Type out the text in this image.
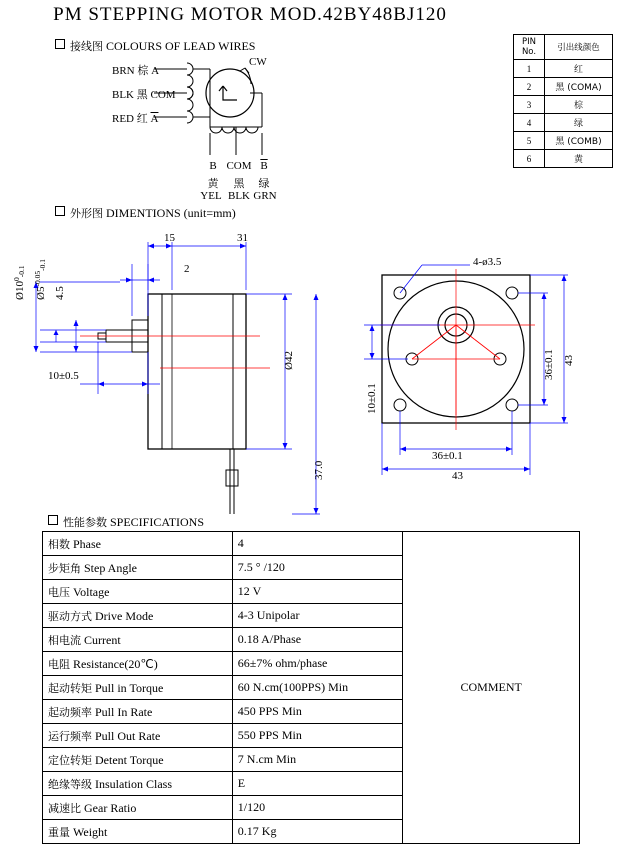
PM STEPPING MOTOR MOD.42BY48BJ120
PIN No.	引出线颜色
1	红
2	黑 (COMA)
3	棕
4	绿
5	黑 (COMB)
6	黄
接线图 COLOURS OF LEAD WIRES
BRN 棕 A
BLK 黑 COM
RED 红 $\overline{A}$
CW
B COM $\overline{B}$
黄	黑	绿
YEL BLK GRN
外形图 DIMENTIONS (unit=mm)
15	31
2
10±0.5
$Ø10^0-0.1$
$Ø5^{-0.05}-0.1$
4.5
Ø42
37.0
4-ø3.5
36±0.1
43
36±0.1 43
10±0.1
性能参数 SPECIFICATIONS
相数 Phase	4	COMMENT
步矩角 Step Angle	7.5 ° /120	
电压 Voltage	12 V	
驱动方式 Drive Mode	4-3 Unipolar	
相电流 Current	0.18 A/Phase	
电阻 Resistance(20℃)	66±7% ohm/phase	
起动转矩 Pull in Torque	60 N.cm(100PPS) Min	
起动频率 Pull In Rate	450 PPS Min	
运行频率 Pull Out Rate	550 PPS Min	
定位转矩 Detent Torque	7 N.cm Min	
绝缘等级 Insulation Class	E	
减速比 Gear Ratio	1/120	
重量 Weight	0.17 Kg	
